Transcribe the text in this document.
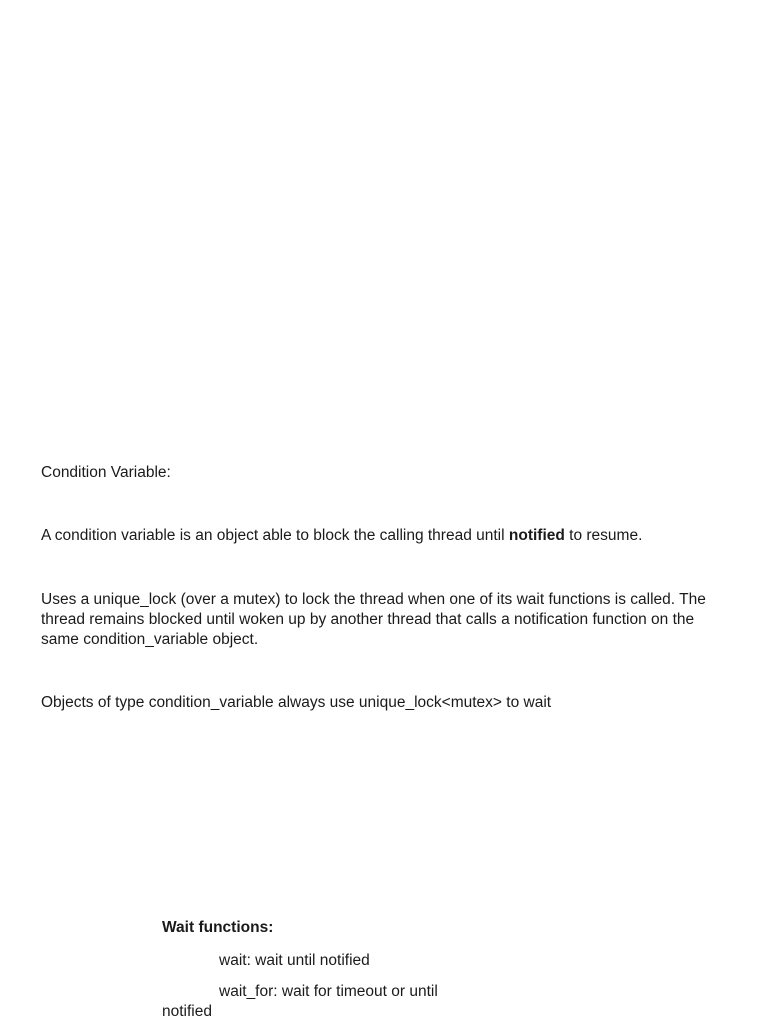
Condition Variable:

A condition variable is an object able to block the calling thread until notified to resume.

Uses a unique_lock (over a mutex) to lock the thread when one of its wait functions is called. The thread remains blocked until woken up by another thread that calls a notification function on the same condition_variable object.

Objects of type condition_variable always use unique_lock<mutex> to wait

Wait functions:
wait: wait until notified
wait_for: wait for timeout or until notified
